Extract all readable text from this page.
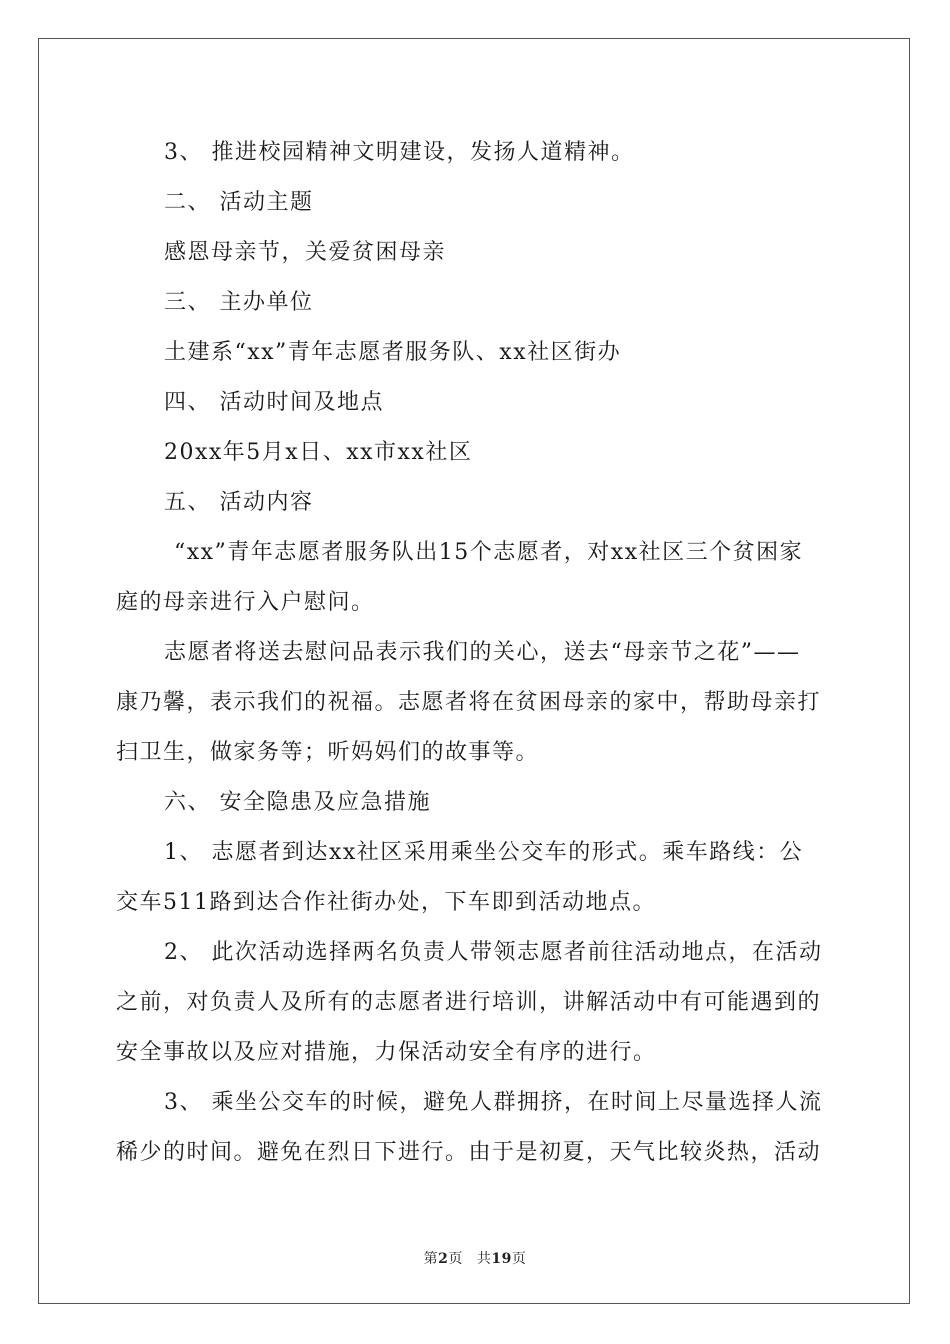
3、 推进校园精神文明建设，发扬人道精神。
二、 活动主题
感恩母亲节，关爱贫困母亲
三、 主办单位
土建系“xx”青年志愿者服务队、xx社区街办
四、 活动时间及地点
20xx年5月x日、xx市xx社区
五、 活动内容
“xx”青年志愿者服务队出15个志愿者，对xx社区三个贫困家
庭的母亲进行入户慰问。
志愿者将送去慰问品表示我们的关心，送去“母亲节之花”——
康乃馨，表示我们的祝福。志愿者将在贫困母亲的家中，帮助母亲打
扫卫生，做家务等；听妈妈们的故事等。
六、 安全隐患及应急措施
1、 志愿者到达xx社区采用乘坐公交车的形式。乘车路线：公
交车511路到达合作社街办处，下车即到活动地点。
2、 此次活动选择两名负责人带领志愿者前往活动地点，在活动
之前，对负责人及所有的志愿者进行培训，讲解活动中有可能遇到的
安全事故以及应对措施，力保活动安全有序的进行。
3、 乘坐公交车的时候，避免人群拥挤，在时间上尽量选择人流
稀少的时间。避免在烈日下进行。由于是初夏，天气比较炎热，活动
第2页 共19页
